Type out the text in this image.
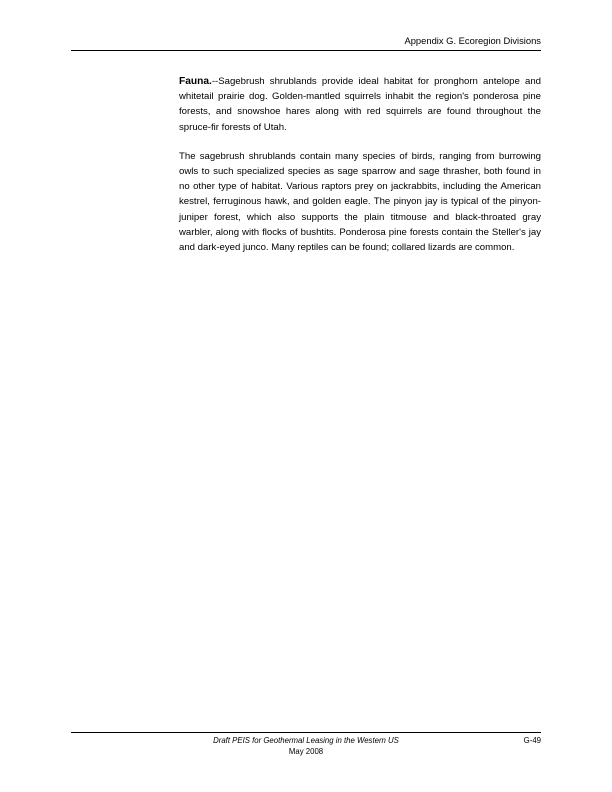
Appendix G. Ecoregion Divisions

Fauna.--Sagebrush shrublands provide ideal habitat for pronghorn antelope and whitetail prairie dog. Golden-mantled squirrels inhabit the region's ponderosa pine forests, and snowshoe hares along with red squirrels are found throughout the spruce-fir forests of Utah.

The sagebrush shrublands contain many species of birds, ranging from burrowing owls to such specialized species as sage sparrow and sage thrasher, both found in no other type of habitat. Various raptors prey on jackrabbits, including the American kestrel, ferruginous hawk, and golden eagle. The pinyon jay is typical of the pinyon-juniper forest, which also supports the plain titmouse and black-throated gray warbler, along with flocks of bushtits. Ponderosa pine forests contain the Steller's jay and dark-eyed junco. Many reptiles can be found; collared lizards are common.

Draft PEIS for Geothermal Leasing in the Western US
May 2008
G-49
